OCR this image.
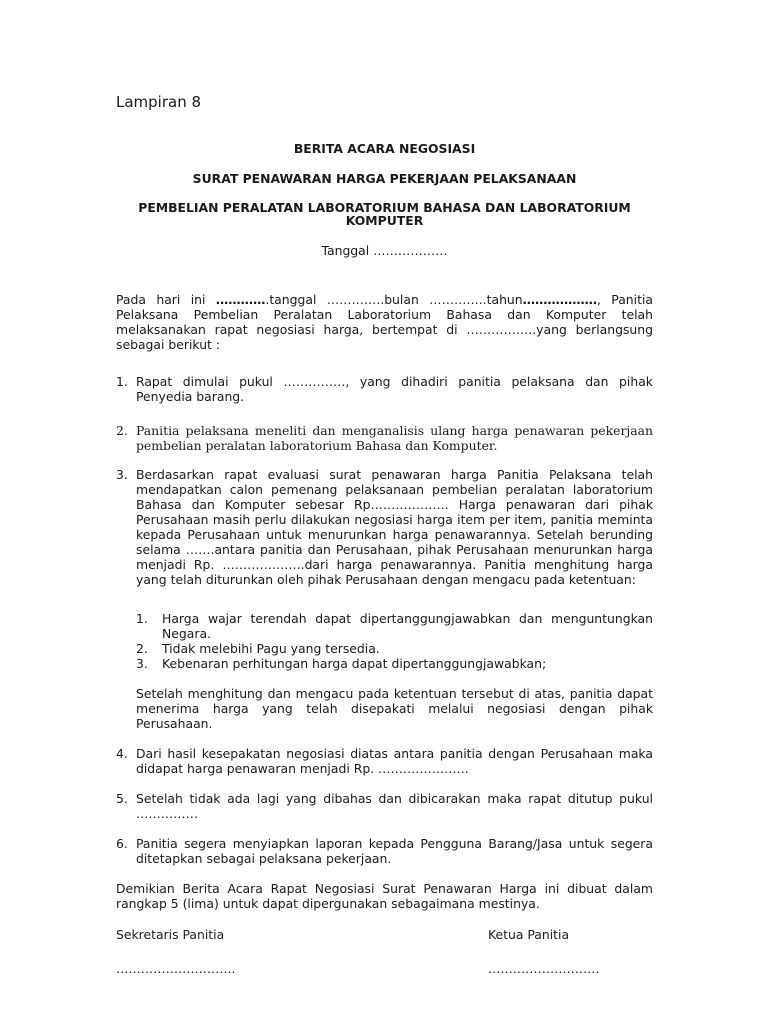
Lampiran 8
BERITA ACARA NEGOSIASI
SURAT PENAWARAN HARGA PEKERJAAN PELAKSANAAN
PEMBELIAN PERALATAN LABORATORIUM BAHASA DAN LABORATORIUM KOMPUTER
Tanggal ………………
Pada hari ini ………….tanggal …………..bulan …………..tahun………………, Panitia Pelaksana Pembelian Peralatan Laboratorium Bahasa dan Komputer telah melaksanakan rapat negosiasi harga, bertempat di ……………..yang berlangsung sebagai berikut :
1. Rapat dimulai pukul ……………, yang dihadiri panitia pelaksana dan pihak Penyedia barang.
2. Panitia pelaksana meneliti dan menganalisis ulang harga penawaran pekerjaan pembelian peralatan laboratorium Bahasa dan Komputer.
3. Berdasarkan rapat evaluasi surat penawaran harga Panitia Pelaksana telah mendapatkan calon pemenang pelaksanaan pembelian peralatan laboratorium Bahasa dan Komputer sebesar Rp………………. Harga penawaran dari pihak Perusahaan masih perlu dilakukan negosiasi harga item per item, panitia meminta kepada Perusahaan untuk menurunkan harga penawarannya. Setelah berunding selama …….antara panitia dan Perusahaan, pihak Perusahaan menurunkan harga menjadi Rp. ………………..dari harga penawarannya. Panitia menghitung harga yang telah diturunkan oleh pihak Perusahaan dengan mengacu pada ketentuan:
1. Harga wajar terendah dapat dipertanggungjawabkan dan menguntungkan Negara.
2. Tidak melebihi Pagu yang tersedia.
3. Kebenaran perhitungan harga dapat dipertanggungjawabkan;
Setelah menghitung dan mengacu pada ketentuan tersebut di atas, panitia dapat menerima harga yang telah disepakati melalui negosiasi dengan pihak Perusahaan.
4. Dari hasil kesepakatan negosiasi diatas antara panitia dengan Perusahaan maka didapat harga penawaran menjadi Rp. ………………….
5. Setelah tidak ada lagi yang dibahas dan dibicarakan maka rapat ditutup pukul ……………
6. Panitia segera menyiapkan laporan kepada Pengguna Barang/Jasa untuk segera ditetapkan sebagai pelaksana pekerjaan.
Demikian Berita Acara Rapat Negosiasi Surat Penawaran Harga ini dibuat dalam rangkap 5 (lima) untuk dapat dipergunakan sebagaimana mestinya.
Sekretaris Panitia	Ketua Panitia
………………………..	………………………
